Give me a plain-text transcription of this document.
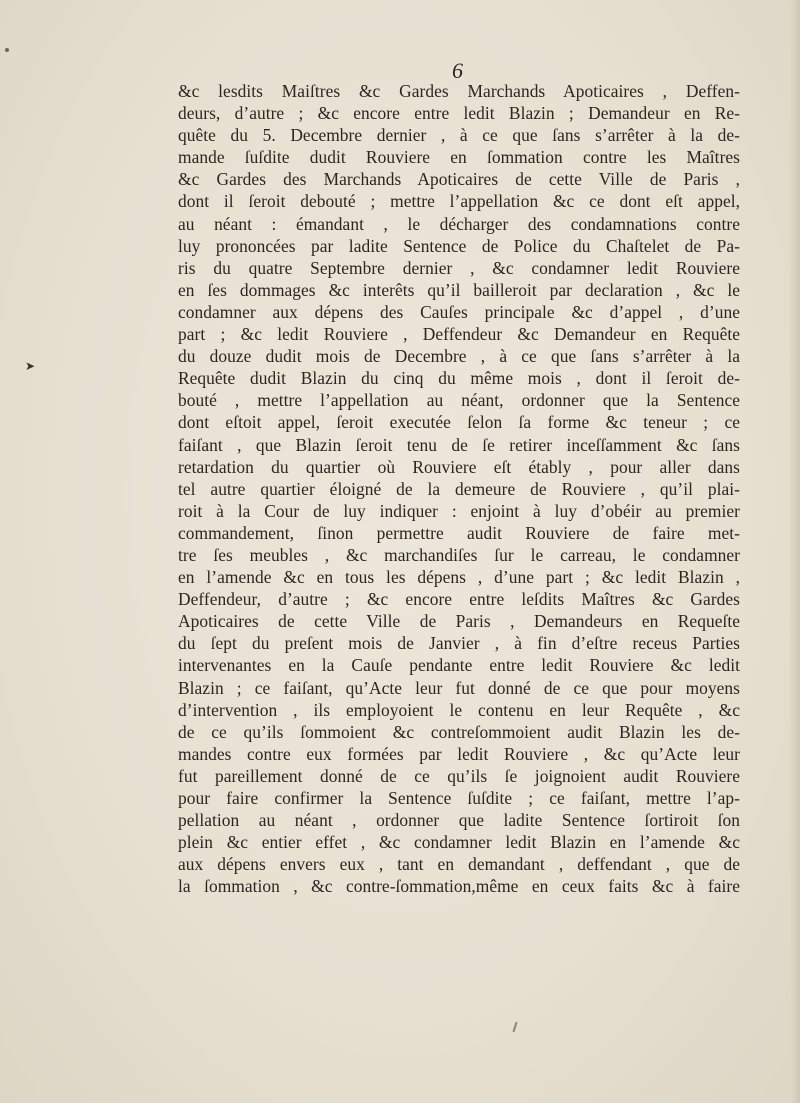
➤
6
&c lesdits Maiſtres &c Gardes Marchands Apoticaires , Deffen-
deurs, d’autre ; &c encore entre ledit Blazin ; Demandeur en Re-
quête du 5. Decembre dernier , à ce que ſans s’arrêter à la de-
mande ſuſdite dudit Rouviere en ſommation contre les Maîtres
&c Gardes des Marchands Apoticaires de cette Ville de Paris ,
dont il ſeroit debouté ; mettre l’appellation &c ce dont eſt appel,
au néant : émandant , le décharger des condamnations contre
luy prononcées par ladite Sentence de Police du Chaſtelet de Pa-
ris du quatre Septembre dernier , &c condamner ledit Rouviere
en ſes dommages &c interêts qu’il bailleroit par declaration , &c le
condamner aux dépens des Cauſes principale &c d’appel , d’une
part ; &c ledit Rouviere , Deffendeur &c Demandeur en Requête
du douze dudit mois de Decembre , à ce que ſans s’arrêter à la
Requête dudit Blazin du cinq du même mois , dont il ſeroit de-
bouté , mettre l’appellation au néant, ordonner que la Sentence
dont eſtoit appel, ſeroit executée ſelon ſa forme &c teneur ; ce
faiſant , que Blazin ſeroit tenu de ſe retirer inceſſamment &c ſans
retardation du quartier où Rouviere eſt étably , pour aller dans
tel autre quartier éloigné de la demeure de Rouviere , qu’il plai-
roit à la Cour de luy indiquer : enjoint à luy d’obéir au premier
commandement, ſinon permettre audit Rouviere de faire met-
tre ſes meubles , &c marchandiſes ſur le carreau, le condamner
en l’amende &c en tous les dépens , d’une part ; &c ledit Blazin ,
Deffendeur, d’autre ; &c encore entre leſdits Maîtres &c Gardes
Apoticaires de cette Ville de Paris , Demandeurs en Requeſte
du ſept du preſent mois de Janvier , à fin d’eſtre receus Parties
intervenantes en la Cauſe pendante entre ledit Rouviere &c ledit
Blazin ; ce faiſant, qu’Acte leur fut donné de ce que pour moyens
d’intervention , ils employoient le contenu en leur Requête , &c
de ce qu’ils ſommoient &c contreſommoient audit Blazin les de-
mandes contre eux formées par ledit Rouviere , &c qu’Acte leur
fut pareillement donné de ce qu’ils ſe joignoient audit Rouviere
pour faire confirmer la Sentence ſuſdite ; ce faiſant, mettre l’ap-
pellation au néant , ordonner que ladite Sentence ſortiroit ſon
plein &c entier effet , &c condamner ledit Blazin en l’amende &c
aux dépens envers eux , tant en demandant , deffendant , que de
la ſommation , &c contre-ſommation,même en ceux faits &c à faire
